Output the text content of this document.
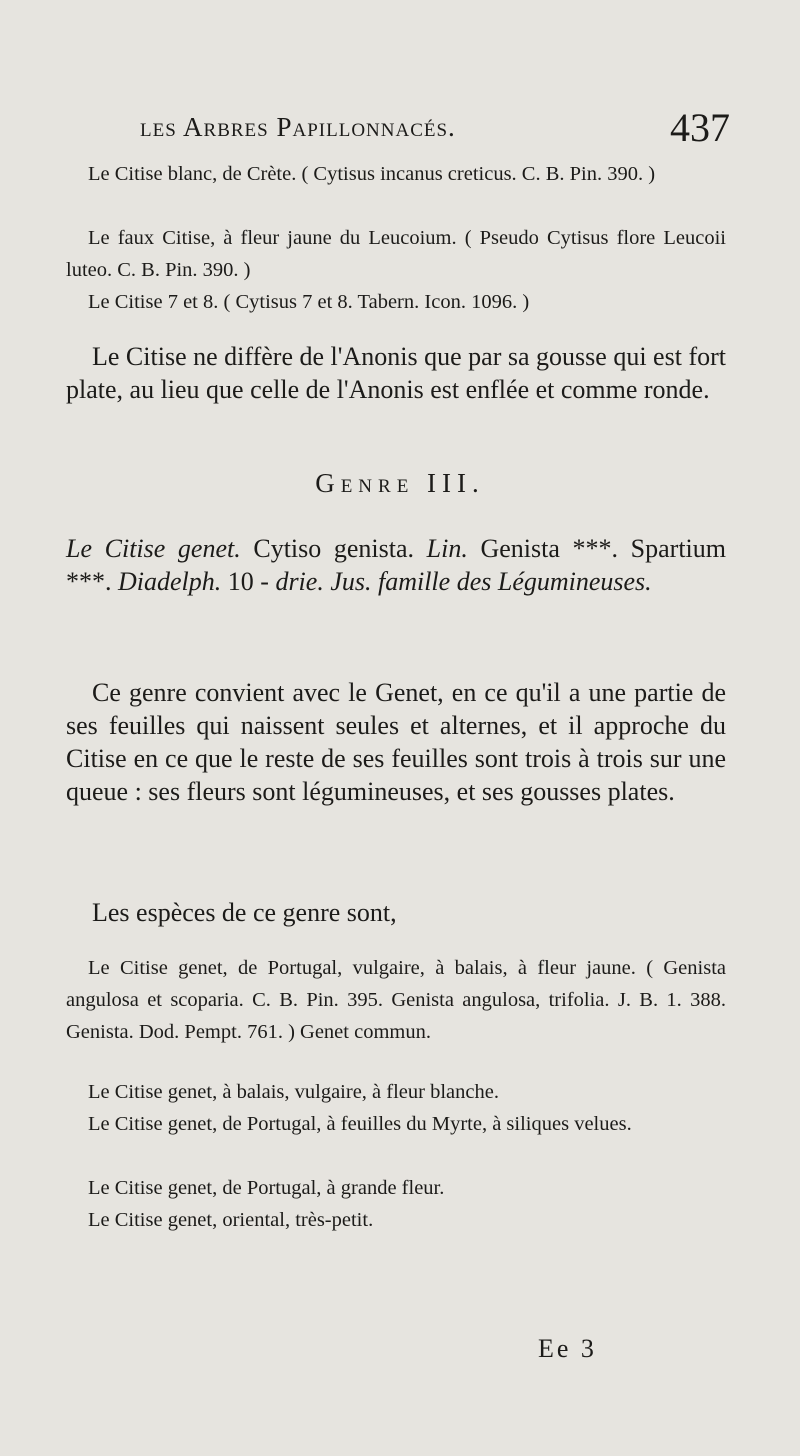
les Arbres Papillonnacés.	437

Le Citise blanc, de Crète. ( Cytisus incanus creticus. C. B. Pin. 390. )

Le faux Citise, à fleur jaune du Leucoium. ( Pseudo Cytisus flore Leucoii luteo. C. B. Pin. 390. )

Le Citise 7 et 8. ( Cytisus 7 et 8. Tabern. Icon. 1096. )

Le Citise ne diffère de l'Anonis que par sa gousse qui est fort plate, au lieu que celle de l'Anonis est enflée et comme ronde.

Genre III.

Le Citise genet. Cytiso genista. Lin. Genista ***. Spartium ***. Diadelph. 10 - drie. Jus. famille des Légumineuses.

Ce genre convient avec le Genet, en ce qu'il a une partie de ses feuilles qui naissent seules et alternes, et il approche du Citise en ce que le reste de ses feuilles sont trois à trois sur une queue : ses fleurs sont légumineuses, et ses gousses plates.

Les espèces de ce genre sont,

Le Citise genet, de Portugal, vulgaire, à balais, à fleur jaune. ( Genista angulosa et scoparia. C. B. Pin. 395. Genista angulosa, trifolia. J. B. 1. 388. Genista. Dod. Pempt. 761. ) Genet commun.

Le Citise genet, à balais, vulgaire, à fleur blanche.

Le Citise genet, de Portugal, à feuilles du Myrte, à siliques velues.

Le Citise genet, de Portugal, à grande fleur.

Le Citise genet, oriental, très-petit.

Ee 3
